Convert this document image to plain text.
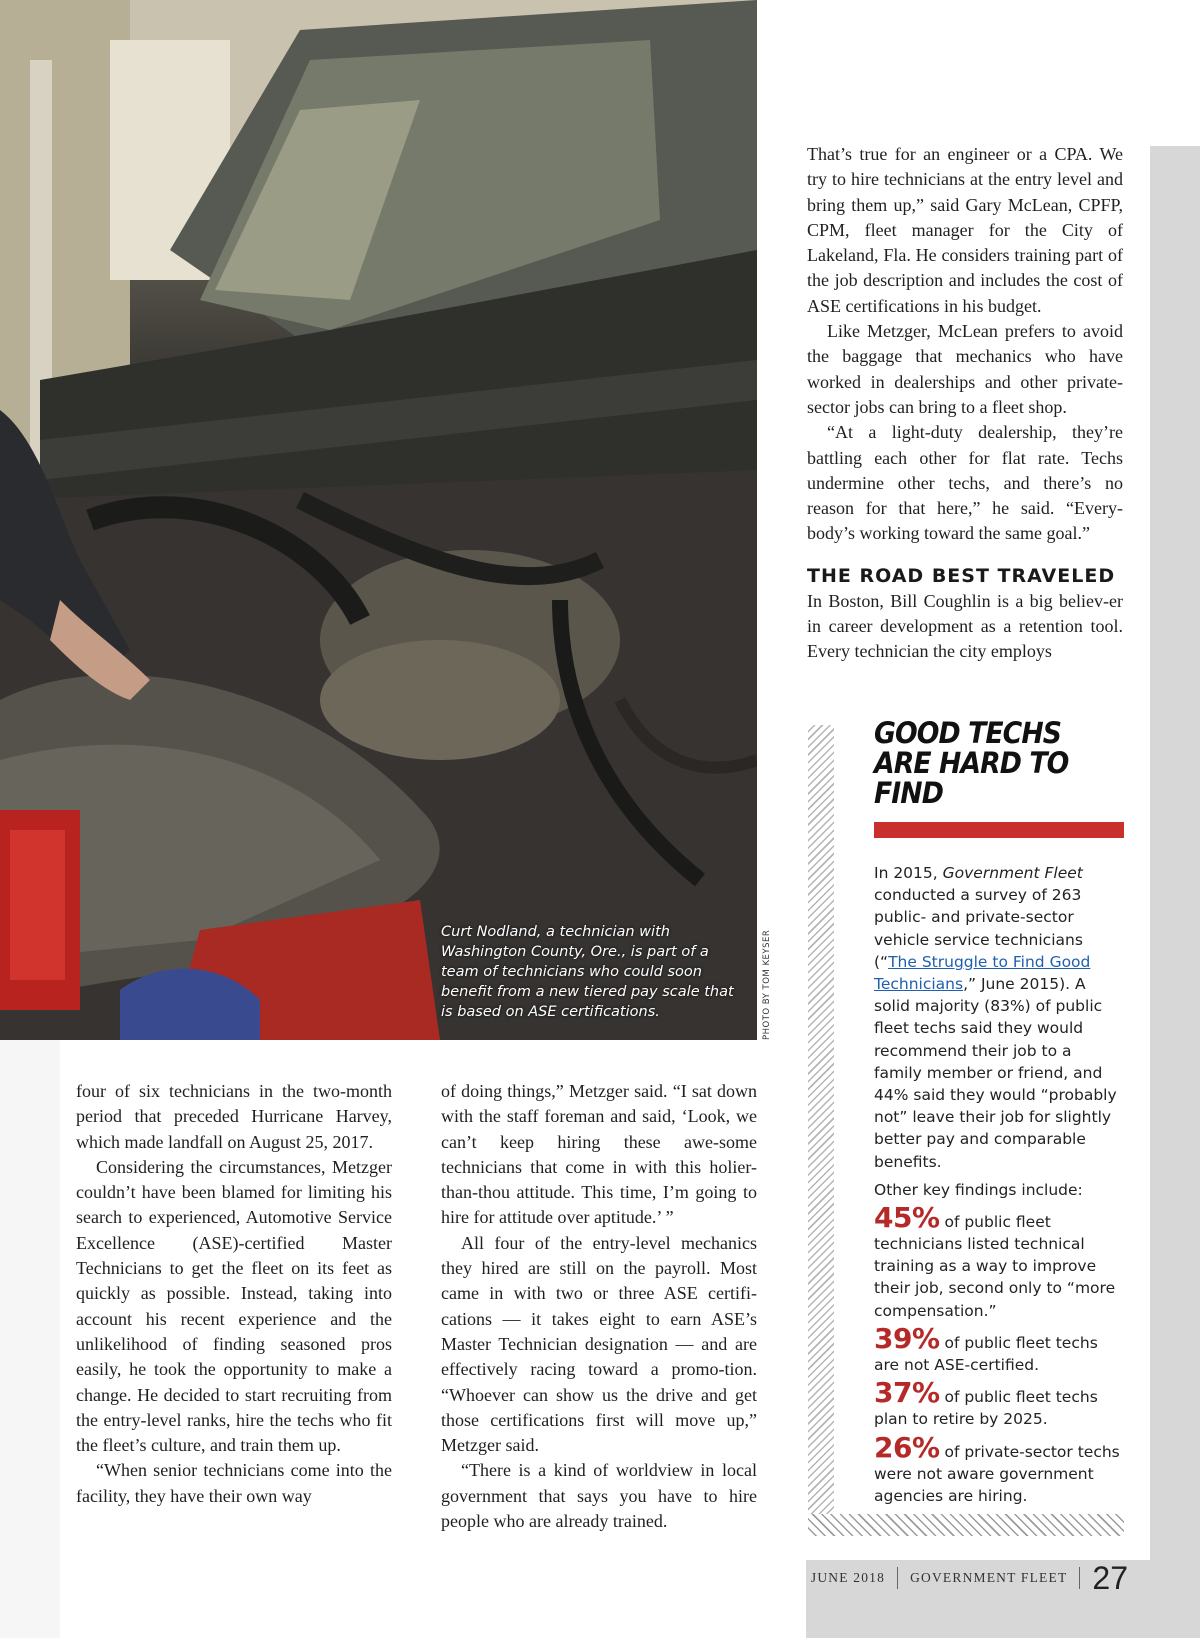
Curt Nodland, a technician with Washington County, Ore., is part of a team of technicians who could soon benefit from a new tiered pay scale that is based on ASE certifications.	PHOTO BY TOM KEYSER

four of six technicians in the two-month period that preceded Hurricane Harvey, which made landfall on August 25, 2017.

Considering the circumstances, Metzger couldn’t have been blamed for limiting his search to experienced, Automotive Service Excellence (ASE)-certified Master Technicians to get the fleet on its feet as quickly as possible. Instead, taking into account his recent experience and the unlikelihood of finding seasoned pros easily, he took the opportunity to make a change. He decided to start recruiting from the entry-level ranks, hire the techs who fit the fleet’s culture, and train them up.

“When senior technicians come into the facility, they have their own way

of doing things,” Metzger said. “I sat down with the staff foreman and said, ‘Look, we can’t keep hiring these awe-some technicians that come in with this holier-than-thou attitude. This time, I’m going to hire for attitude over aptitude.’ ”

All four of the entry-level mechanics they hired are still on the payroll. Most came in with two or three ASE certifi-cations — it takes eight to earn ASE’s Master Technician designation — and are effectively racing toward a promo-tion. “Whoever can show us the drive and get those certifications first will move up,” Metzger said.

“There is a kind of worldview in local government that says you have to hire people who are already trained.

That’s true for an engineer or a CPA. We try to hire technicians at the entry level and bring them up,” said Gary McLean, CPFP, CPM, fleet manager for the City of Lakeland, Fla. He considers training part of the job description and includes the cost of ASE certifications in his budget.

Like Metzger, McLean prefers to avoid the baggage that mechanics who have worked in dealerships and other private-sector jobs can bring to a fleet shop.

“At a light-duty dealership, they’re battling each other for flat rate. Techs undermine other techs, and there’s no reason for that here,” he said. “Every-body’s working toward the same goal.”

THE ROAD BEST TRAVELED

In Boston, Bill Coughlin is a big believ-er in career development as a retention tool. Every technician the city employs

GOOD TECHS
ARE HARD TO FIND

In 2015, Government Fleet conducted a survey of 263 public- and private-sector vehicle service technicians (“The Struggle to Find Good Technicians,” June 2015). A solid majority (83%) of public fleet techs said they would recommend their job to a family member or friend, and 44% said they would “probably not” leave their job for slightly better pay and comparable benefits.

Other key findings include:

45% of public fleet technicians listed technical training as a way to improve their job, second only to “more compensation.”

39% of public fleet techs are not ASE-certified.

37% of public fleet techs plan to retire by 2025.

26% of private-sector techs were not aware government agencies are hiring.

JUNE 2018 GOVERNMENT FLEET 27
